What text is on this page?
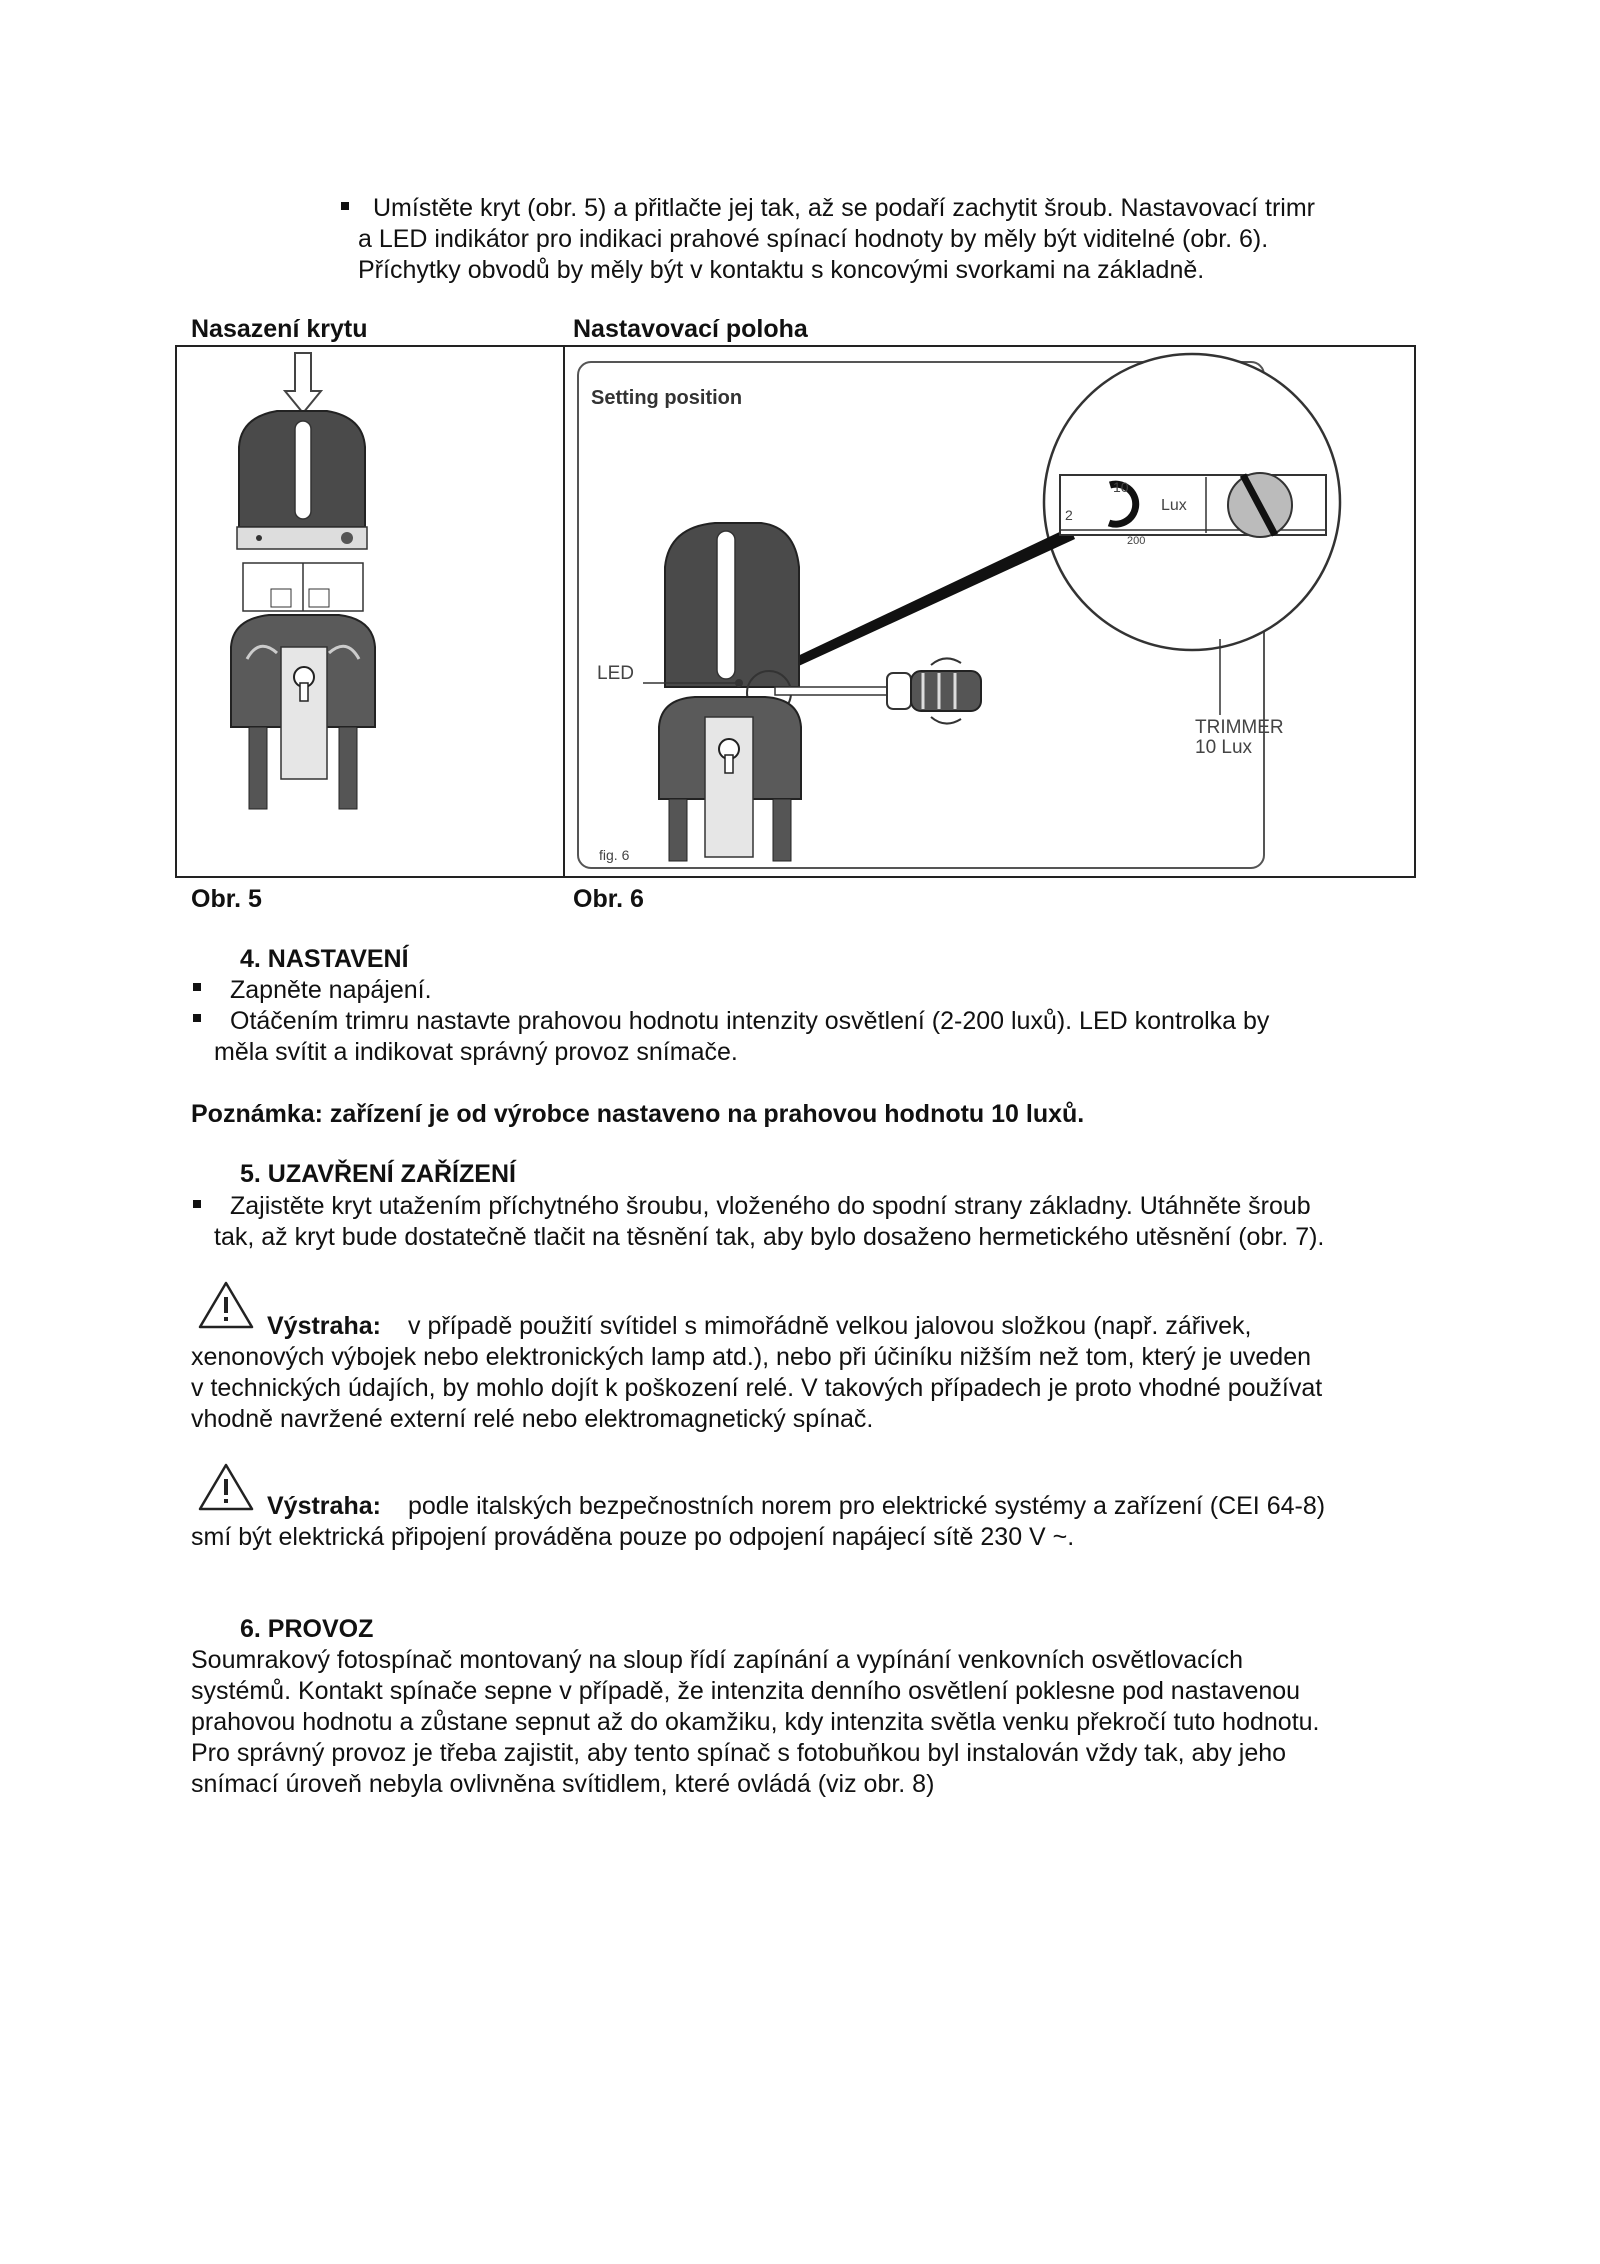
Umístěte kryt (obr. 5) a přitlačte jej tak, až se podaří zachytit šroub. Nastavovací trimr
a LED indikátor pro indikaci prahové spínací hodnoty by měly být viditelné (obr. 6).
Příchytky obvodů by měly být v kontaktu s koncovými svorkami na základně.
Nasazení krytu	Nastavovací poloha
Setting position
LED
10
2
Lux
200
TRIMMER
10 Lux
fig. 6
Obr. 5	Obr. 6
4. NASTAVENÍ
Zapněte napájení.
Otáčením trimru nastavte prahovou hodnotu intenzity osvětlení (2-200 luxů). LED kontrolka by
měla svítit a indikovat správný provoz snímače.
Poznámka: zařízení je od výrobce nastaveno na prahovou hodnotu 10 luxů.
5. UZAVŘENÍ ZAŘÍZENÍ
Zajistěte kryt utažením příchytného šroubu, vloženého do spodní strany základny. Utáhněte šroub
tak, až kryt bude dostatečně tlačit na těsnění tak, aby bylo dosaženo hermetického utěsnění (obr. 7).
Výstraha: v případě použití svítidel s mimořádně velkou jalovou složkou (např. zářivek,
xenonových výbojek nebo elektronických lamp atd.), nebo při účiníku nižším než tom, který je uveden
v technických údajích, by mohlo dojít k poškození relé. V takových případech je proto vhodné používat
vhodně navržené externí relé nebo elektromagnetický spínač.
Výstraha: podle italských bezpečnostních norem pro elektrické systémy a zařízení (CEI 64-8)
smí být elektrická připojení prováděna pouze po odpojení napájecí sítě 230 V ~.
6. PROVOZ
Soumrakový fotospínač montovaný na sloup řídí zapínání a vypínání venkovních osvětlovacích
systémů. Kontakt spínače sepne v případě, že intenzita denního osvětlení poklesne pod nastavenou
prahovou hodnotu a zůstane sepnut až do okamžiku, kdy intenzita světla venku překročí tuto hodnotu.
Pro správný provoz je třeba zajistit, aby tento spínač s fotobuňkou byl instalován vždy tak, aby jeho
snímací úroveň nebyla ovlivněna svítidlem, které ovládá (viz obr. 8)
